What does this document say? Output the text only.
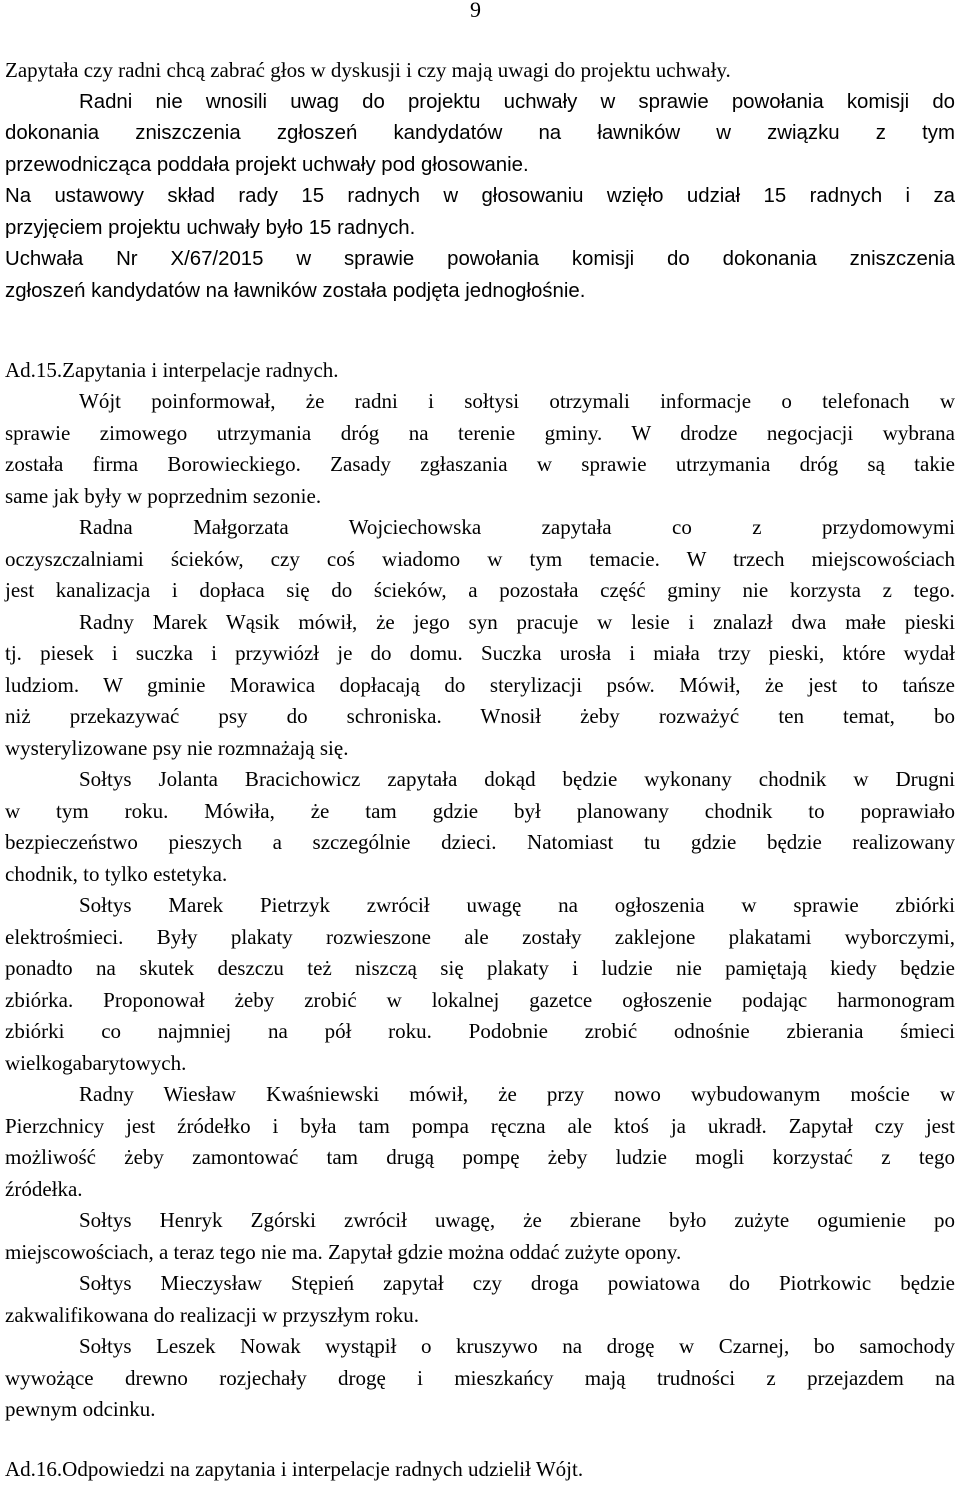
9
Zapytała czy radni chcą zabrać głos w dyskusji i czy mają uwagi do projektu uchwały.
Radni nie wnosili uwag do projektu uchwały w sprawie powołania komisji do
dokonania zniszczenia zgłoszeń kandydatów na ławników w związku z tym
przewodnicząca poddała projekt uchwały pod głosowanie.
Na ustawowy skład rady 15 radnych w głosowaniu wzięło udział 15 radnych i za
przyjęciem projektu uchwały było 15 radnych.
Uchwała Nr X/67/2015 w sprawie powołania komisji do dokonania zniszczenia
zgłoszeń kandydatów na ławników została podjęta jednogłośnie.
Ad.15.Zapytania i interpelacje radnych.
Wójt poinformował, że radni i sołtysi otrzymali informacje o telefonach w
sprawie zimowego utrzymania dróg na terenie gminy. W drodze negocjacji wybrana
została firma Borowieckiego. Zasady zgłaszania w sprawie utrzymania dróg są takie
same jak były w poprzednim sezonie.
Radna Małgorzata Wojciechowska zapytała co z przydomowymi
oczyszczalniami ścieków, czy coś wiadomo w tym temacie. W trzech miejscowościach
jest kanalizacja i dopłaca się do ścieków, a pozostała część gminy nie korzysta z tego.
Radny Marek Wąsik mówił, że jego syn pracuje w lesie i znalazł dwa małe pieski
tj. piesek i suczka i przywiózł je do domu. Suczka urosła i miała trzy pieski, które wydał
ludziom. W gminie Morawica dopłacają do sterylizacji psów. Mówił, że jest to tańsze
niż przekazywać psy do schroniska. Wnosił żeby rozważyć ten temat, bo
wysterylizowane psy nie rozmnażają się.
Sołtys Jolanta Bracichowicz zapytała dokąd będzie wykonany chodnik w Drugni
w tym roku. Mówiła, że tam gdzie był planowany chodnik to poprawiało
bezpieczeństwo pieszych a szczególnie dzieci. Natomiast tu gdzie będzie realizowany
chodnik, to tylko estetyka.
Sołtys Marek Pietrzyk zwrócił uwagę na ogłoszenia w sprawie zbiórki
elektrośmieci. Były plakaty rozwieszone ale zostały zaklejone plakatami wyborczymi,
ponadto na skutek deszczu też niszczą się plakaty i ludzie nie pamiętają kiedy będzie
zbiórka. Proponował żeby zrobić w lokalnej gazetce ogłoszenie podając harmonogram
zbiórki co najmniej na pół roku. Podobnie zrobić odnośnie zbierania śmieci
wielkogabarytowych.
Radny Wiesław Kwaśniewski mówił, że przy nowo wybudowanym moście w
Pierzchnicy jest źródełko i była tam pompa ręczna ale ktoś ja ukradł. Zapytał czy jest
możliwość żeby zamontować tam drugą pompę żeby ludzie mogli korzystać z tego
źródełka.
Sołtys Henryk Zgórski zwrócił uwagę, że zbierane było zużyte ogumienie po
miejscowościach, a teraz tego nie ma. Zapytał gdzie można oddać zużyte opony.
Sołtys Mieczysław Stępień zapytał czy droga powiatowa do Piotrkowic będzie
zakwalifikowana do realizacji w przyszłym roku.
Sołtys Leszek Nowak wystąpił o kruszywo na drogę w Czarnej, bo samochody
wywożące drewno rozjechały drogę i mieszkańcy mają trudności z przejazdem na
pewnym odcinku.
Ad.16.Odpowiedzi na zapytania i interpelacje radnych udzielił Wójt.
